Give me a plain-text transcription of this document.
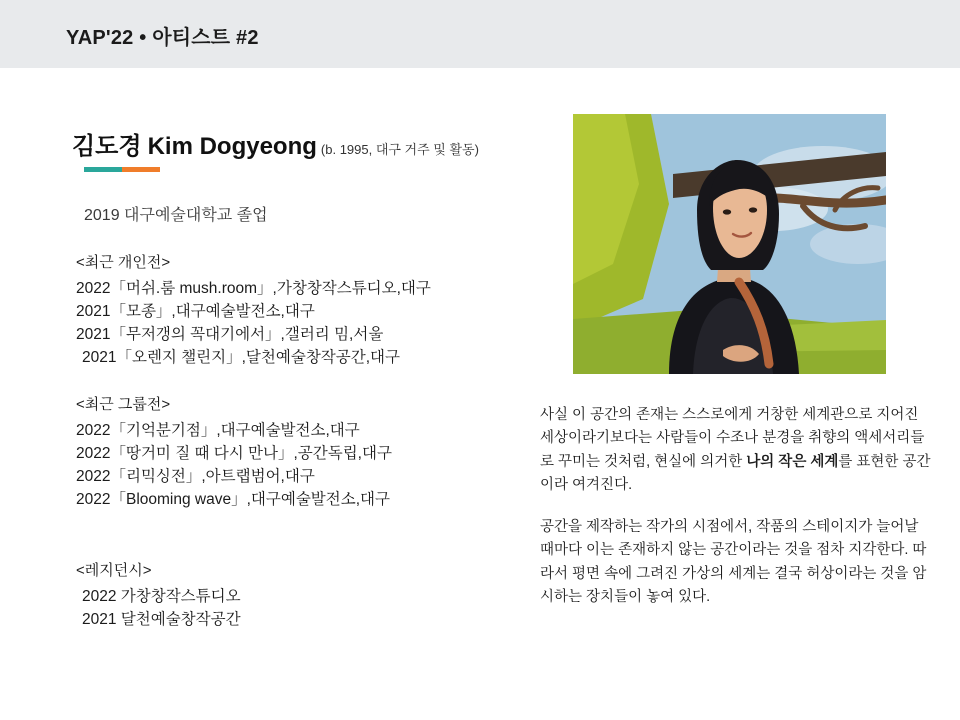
YAP'22 • 아티스트 #2
김도경 Kim Dogyeong (b. 1995, 대구 거주 및 활동)
2019 대구예술대학교 졸업
<최근 개인전>
2022「머쉬.룸 mush.room」,가창창작스튜디오,대구
2021「모종」,대구예술발전소,대구
2021「무저갱의 꼭대기에서」,갤러리 밈,서울
2021「오렌지 챌린지」,달천예술창작공간,대구
<최근 그룹전>
2022「기억분기점」,대구예술발전소,대구
2022「땅거미 질 때 다시 만나」,공간독립,대구
2022「리믹싱전」,아트랩범어,대구
2022「Blooming wave」,대구예술발전소,대구
<레지던시>
2022 가창창작스튜디오
2021 달천예술창작공간

사실 이 공간의 존재는 스스로에게 거창한 세계관으로 지어진 세상이라기보다는 사람들이 수조나 분경을 취향의 액세서리들로 꾸미는 것처럼, 현실에 의거한 나의 작은 세계를 표현한 공간이라 여겨진다.

공간을 제작하는 작가의 시점에서, 작품의 스테이지가 늘어날 때마다 이는 존재하지 않는 공간이라는 것을 점차 지각한다. 따라서 평면 속에 그려진 가상의 세계는 결국 허상이라는 것을 암시하는 장치들이 놓여 있다.
